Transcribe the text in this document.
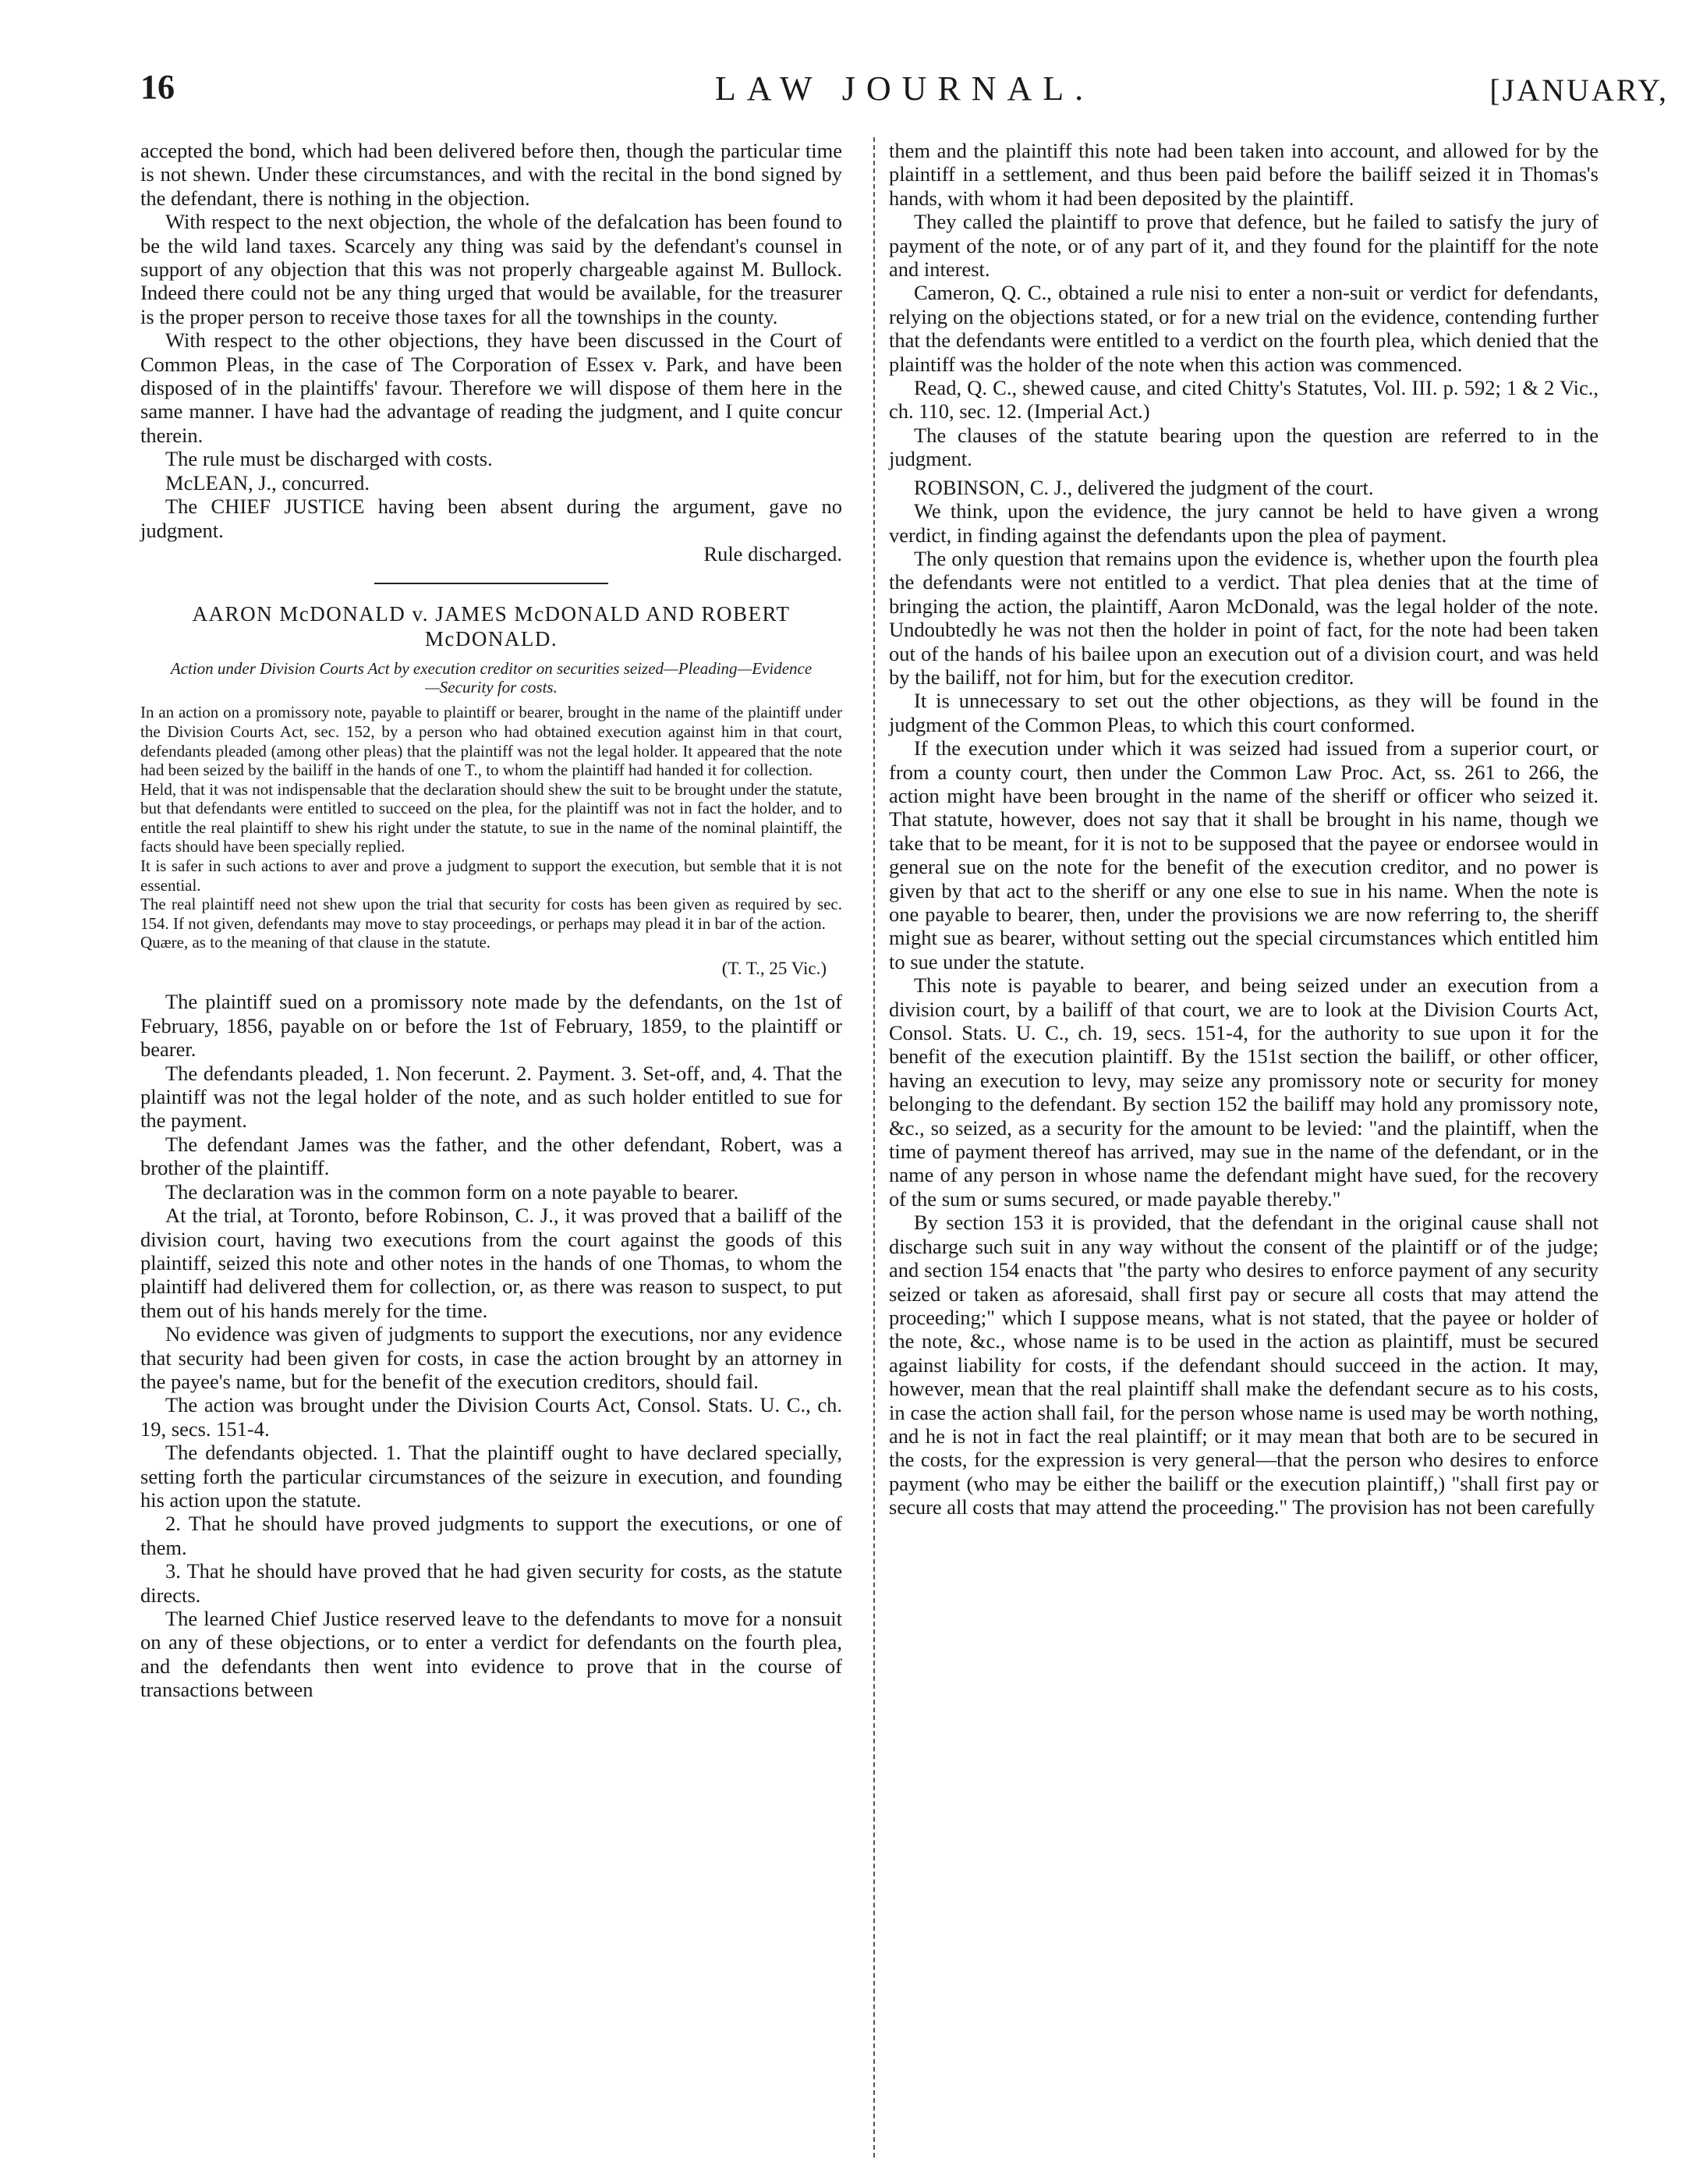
16	LAW JOURNAL.	[JANUARY,

accepted the bond, which had been delivered before then, though the particular time is not shewn. Under these circumstances, and with the recital in the bond signed by the defendant, there is nothing in the objection.

With respect to the next objection, the whole of the defalcation has been found to be the wild land taxes. Scarcely any thing was said by the defendant's counsel in support of any objection that this was not properly chargeable against M. Bullock. Indeed there could not be any thing urged that would be available, for the treasurer is the proper person to receive those taxes for all the townships in the county.

With respect to the other objections, they have been discussed in the Court of Common Pleas, in the case of The Corporation of Essex v. Park, and have been disposed of in the plaintiffs' favour. Therefore we will dispose of them here in the same manner. I have had the advantage of reading the judgment, and I quite concur therein.

The rule must be discharged with costs.

McLEAN, J., concurred.

The CHIEF JUSTICE having been absent during the argument, gave no judgment.

Rule discharged.

AARON McDONALD v. JAMES McDONALD AND ROBERT McDONALD.
Action under Division Courts Act by execution creditor on securities seized—Pleading—Evidence—Security for costs.

In an action on a promissory note, payable to plaintiff or bearer, brought in the name of the plaintiff under the Division Courts Act, sec. 152, by a person who had obtained execution against him in that court, defendants pleaded (among other pleas) that the plaintiff was not the legal holder. It appeared that the note had been seized by the bailiff in the hands of one T., to whom the plaintiff had handed it for collection.

Held, that it was not indispensable that the declaration should shew the suit to be brought under the statute, but that defendants were entitled to succeed on the plea, for the plaintiff was not in fact the holder, and to entitle the real plaintiff to shew his right under the statute, to sue in the name of the nominal plaintiff, the facts should have been specially replied.

It is safer in such actions to aver and prove a judgment to support the execution, but semble that it is not essential.

The real plaintiff need not shew upon the trial that security for costs has been given as required by sec. 154. If not given, defendants may move to stay proceedings, or perhaps may plead it in bar of the action.

Quære, as to the meaning of that clause in the statute.

(T. T., 25 Vic.)

The plaintiff sued on a promissory note made by the defendants, on the 1st of February, 1856, payable on or before the 1st of February, 1859, to the plaintiff or bearer.

The defendants pleaded, 1. Non fecerunt. 2. Payment. 3. Set-off, and, 4. That the plaintiff was not the legal holder of the note, and as such holder entitled to sue for the payment.

The defendant James was the father, and the other defendant, Robert, was a brother of the plaintiff.

The declaration was in the common form on a note payable to bearer.

At the trial, at Toronto, before Robinson, C. J., it was proved that a bailiff of the division court, having two executions from the court against the goods of this plaintiff, seized this note and other notes in the hands of one Thomas, to whom the plaintiff had delivered them for collection, or, as there was reason to suspect, to put them out of his hands merely for the time.

No evidence was given of judgments to support the executions, nor any evidence that security had been given for costs, in case the action brought by an attorney in the payee's name, but for the benefit of the execution creditors, should fail.

The action was brought under the Division Courts Act, Consol. Stats. U. C., ch. 19, secs. 151-4.

The defendants objected. 1. That the plaintiff ought to have declared specially, setting forth the particular circumstances of the seizure in execution, and founding his action upon the statute.

2. That he should have proved judgments to support the executions, or one of them.

3. That he should have proved that he had given security for costs, as the statute directs.

The learned Chief Justice reserved leave to the defendants to move for a nonsuit on any of these objections, or to enter a verdict for defendants on the fourth plea, and the defendants then went into evidence to prove that in the course of transactions between

them and the plaintiff this note had been taken into account, and allowed for by the plaintiff in a settlement, and thus been paid before the bailiff seized it in Thomas's hands, with whom it had been deposited by the plaintiff.

They called the plaintiff to prove that defence, but he failed to satisfy the jury of payment of the note, or of any part of it, and they found for the plaintiff for the note and interest.

Cameron, Q. C., obtained a rule nisi to enter a non-suit or verdict for defendants, relying on the objections stated, or for a new trial on the evidence, contending further that the defendants were entitled to a verdict on the fourth plea, which denied that the plaintiff was the holder of the note when this action was commenced.

Read, Q. C., shewed cause, and cited Chitty's Statutes, Vol. III. p. 592; 1 & 2 Vic., ch. 110, sec. 12. (Imperial Act.)

The clauses of the statute bearing upon the question are referred to in the judgment.

ROBINSON, C. J., delivered the judgment of the court.

We think, upon the evidence, the jury cannot be held to have given a wrong verdict, in finding against the defendants upon the plea of payment.

The only question that remains upon the evidence is, whether upon the fourth plea the defendants were not entitled to a verdict. That plea denies that at the time of bringing the action, the plaintiff, Aaron McDonald, was the legal holder of the note. Undoubtedly he was not then the holder in point of fact, for the note had been taken out of the hands of his bailee upon an execution out of a division court, and was held by the bailiff, not for him, but for the execution creditor.

It is unnecessary to set out the other objections, as they will be found in the judgment of the Common Pleas, to which this court conformed.

If the execution under which it was seized had issued from a superior court, or from a county court, then under the Common Law Proc. Act, ss. 261 to 266, the action might have been brought in the name of the sheriff or officer who seized it. That statute, however, does not say that it shall be brought in his name, though we take that to be meant, for it is not to be supposed that the payee or endorsee would in general sue on the note for the benefit of the execution creditor, and no power is given by that act to the sheriff or any one else to sue in his name. When the note is one payable to bearer, then, under the provisions we are now referring to, the sheriff might sue as bearer, without setting out the special circumstances which entitled him to sue under the statute.

This note is payable to bearer, and being seized under an execution from a division court, by a bailiff of that court, we are to look at the Division Courts Act, Consol. Stats. U. C., ch. 19, secs. 151-4, for the authority to sue upon it for the benefit of the execution plaintiff. By the 151st section the bailiff, or other officer, having an execution to levy, may seize any promissory note or security for money belonging to the defendant. By section 152 the bailiff may hold any promissory note, &c., so seized, as a security for the amount to be levied: "and the plaintiff, when the time of payment thereof has arrived, may sue in the name of the defendant, or in the name of any person in whose name the defendant might have sued, for the recovery of the sum or sums secured, or made payable thereby."

By section 153 it is provided, that the defendant in the original cause shall not discharge such suit in any way without the consent of the plaintiff or of the judge; and section 154 enacts that "the party who desires to enforce payment of any security seized or taken as aforesaid, shall first pay or secure all costs that may attend the proceeding;" which I suppose means, what is not stated, that the payee or holder of the note, &c., whose name is to be used in the action as plaintiff, must be secured against liability for costs, if the defendant should succeed in the action. It may, however, mean that the real plaintiff shall make the defendant secure as to his costs, in case the action shall fail, for the person whose name is used may be worth nothing, and he is not in fact the real plaintiff; or it may mean that both are to be secured in the costs, for the expression is very general—that the person who desires to enforce payment (who may be either the bailiff or the execution plaintiff,) "shall first pay or secure all costs that may attend the proceeding." The provision has not been carefully
